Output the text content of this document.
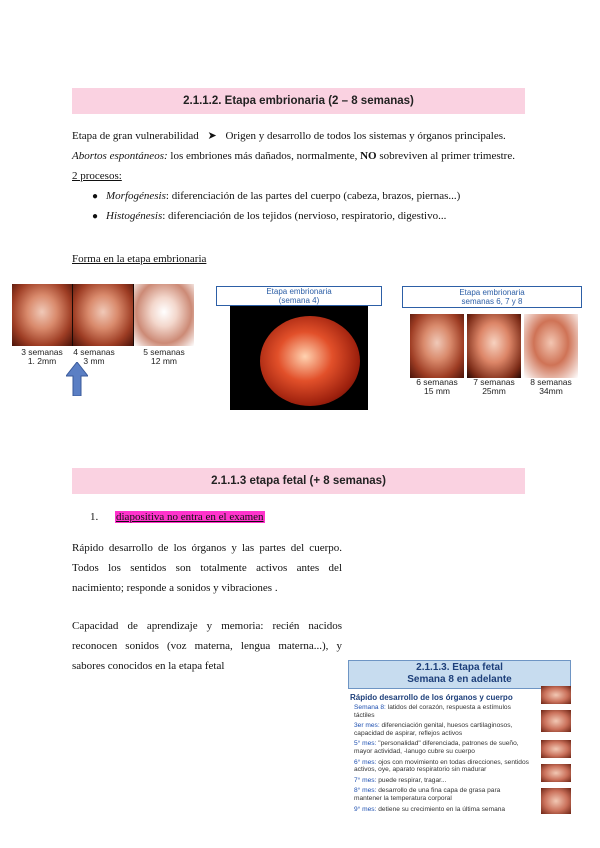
2.1.1.2. Etapa embrionaria (2 – 8 semanas)
Etapa de gran vulnerabilidad ➤ Origen y desarrollo de todos los sistemas y órganos principales.
Abortos espontáneos: los embriones más dañados, normalmente, NO sobreviven al primer trimestre.
2 procesos:
● Morfogénesis: diferenciación de las partes del cuerpo (cabeza, brazos, piernas...)
● Histogénesis: diferenciación de los tejidos (nervioso, respiratorio, digestivo...
Forma en la etapa embrionaria
3 semanas
1. 2mm
4 semanas
3 mm
5 semanas
12 mm
Etapa embrionaria
(semana 4)
Etapa embrionaria
semanas 6, 7 y 8
6 semanas
15 mm
7 semanas
25mm
8 semanas
34mm
2.1.1.3 etapa fetal (+ 8 semanas)
1. diapositiva no entra en el examen
Rápido desarrollo de los órganos y las partes del cuerpo. Todos los sentidos son totalmente activos antes del nacimiento; responde a sonidos y vibraciones .
Capacidad de aprendizaje y memoria: recién nacidos reconocen sonidos (voz materna, lengua materna...), y sabores conocidos en la etapa fetal	2.1.1.3. Etapa fetal
Semana 8 en adelante
Rápido desarrollo de los órganos y cuerpo
Semana 8: latidos del corazón, respuesta a estímulos táctiles
3er mes: diferenciación genital, huesos cartilaginosos, capacidad de aspirar, reflejos activos
5° mes: "personalidad" diferenciada, patrones de sueño, mayor actividad, -lanugo cubre su cuerpo
6° mes: ojos con movimiento en todas direcciones, sentidos activos, oye, aparato respiratorio sin madurar
7° mes: puede respirar, tragar...
8° mes: desarrollo de una fina capa de grasa para mantener la temperatura corporal
9° mes: detiene su crecimiento en la última semana
